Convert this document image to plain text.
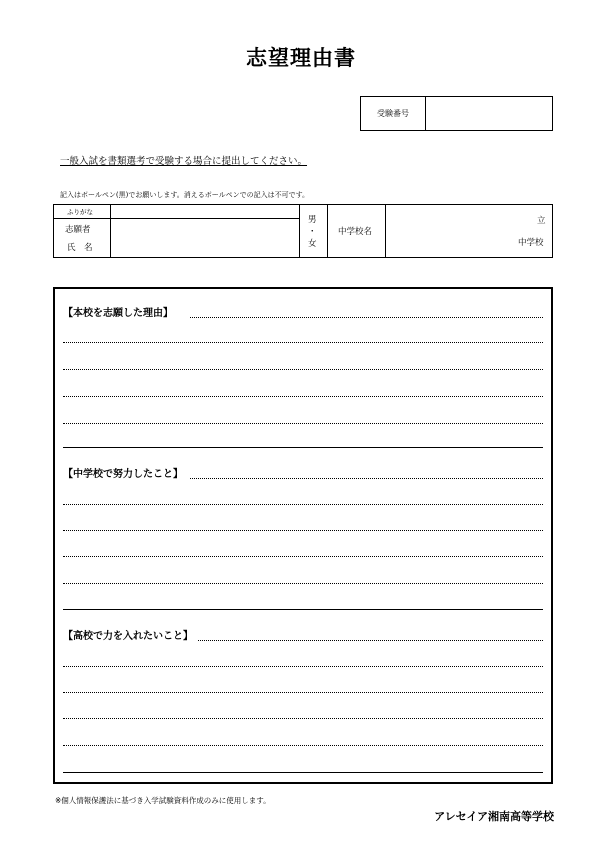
志望理由書
受験番号
一般入試を書類選考で受験する場合に提出してください。
記入はボールペン(黒)でお願いします。消えるボールペンでの記入は不可です。
ふりがな
志願者
氏　名
男
・
女
中学校名
立
中学校
【本校を志願した理由】
【中学校で努力したこと】
【高校で力を入れたいこと】
※個人情報保護法に基づき入学試験資料作成のみに使用します。
アレセイア湘南高等学校
